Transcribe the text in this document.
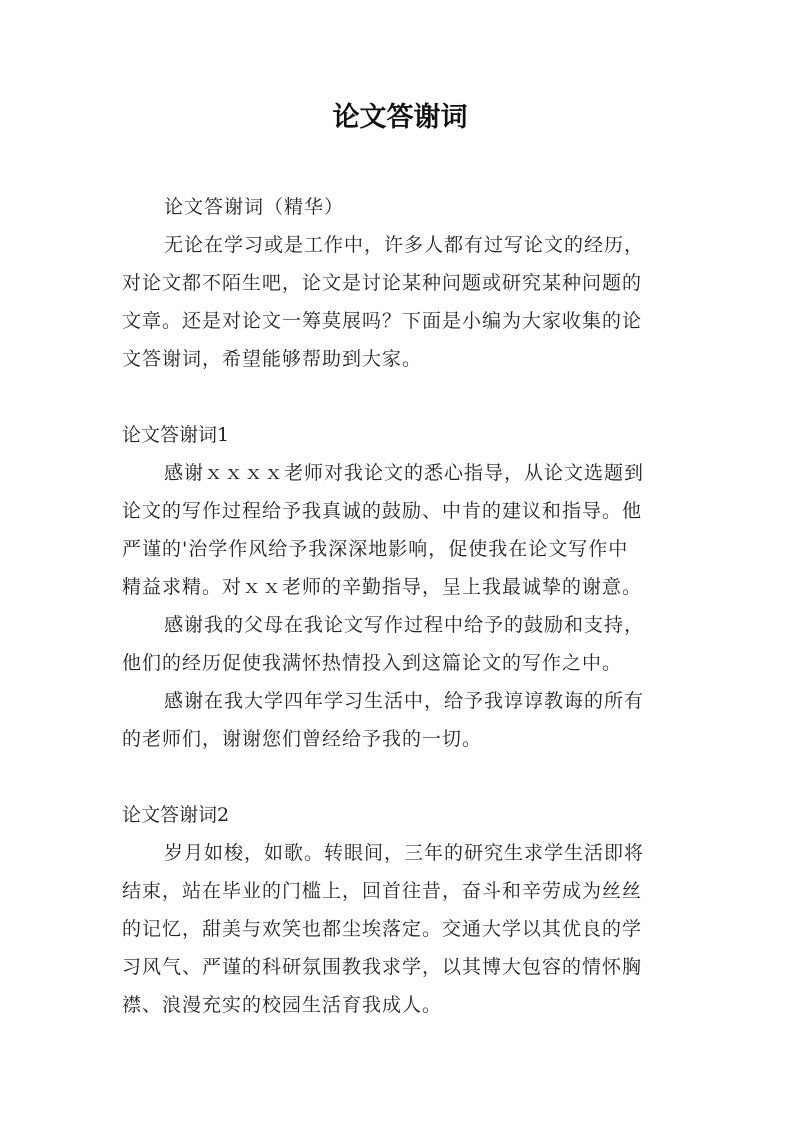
论文答谢词
论文答谢词（精华）
无论在学习或是工作中，许多人都有过写论文的经历，
对论文都不陌生吧，论文是讨论某种问题或研究某种问题的
文章。还是对论文一筹莫展吗？下面是小编为大家收集的论
文答谢词，希望能够帮助到大家。
论文答谢词1
感谢ｘｘｘｘ老师对我论文的悉心指导，从论文选题到
论文的写作过程给予我真诚的鼓励、中肯的建议和指导。他
严谨的'治学作风给予我深深地影响，促使我在论文写作中
精益求精。对ｘｘ老师的辛勤指导，呈上我最诚挚的谢意。
感谢我的父母在我论文写作过程中给予的鼓励和支持，
他们的经历促使我满怀热情投入到这篇论文的写作之中。
感谢在我大学四年学习生活中，给予我谆谆教诲的所有
的老师们，谢谢您们曾经给予我的一切。
论文答谢词2
岁月如梭，如歌。转眼间，三年的研究生求学生活即将
结束，站在毕业的门槛上，回首往昔，奋斗和辛劳成为丝丝
的记忆，甜美与欢笑也都尘埃落定。交通大学以其优良的学
习风气、严谨的科研氛围教我求学，以其博大包容的情怀胸
襟、浪漫充实的校园生活育我成人。
